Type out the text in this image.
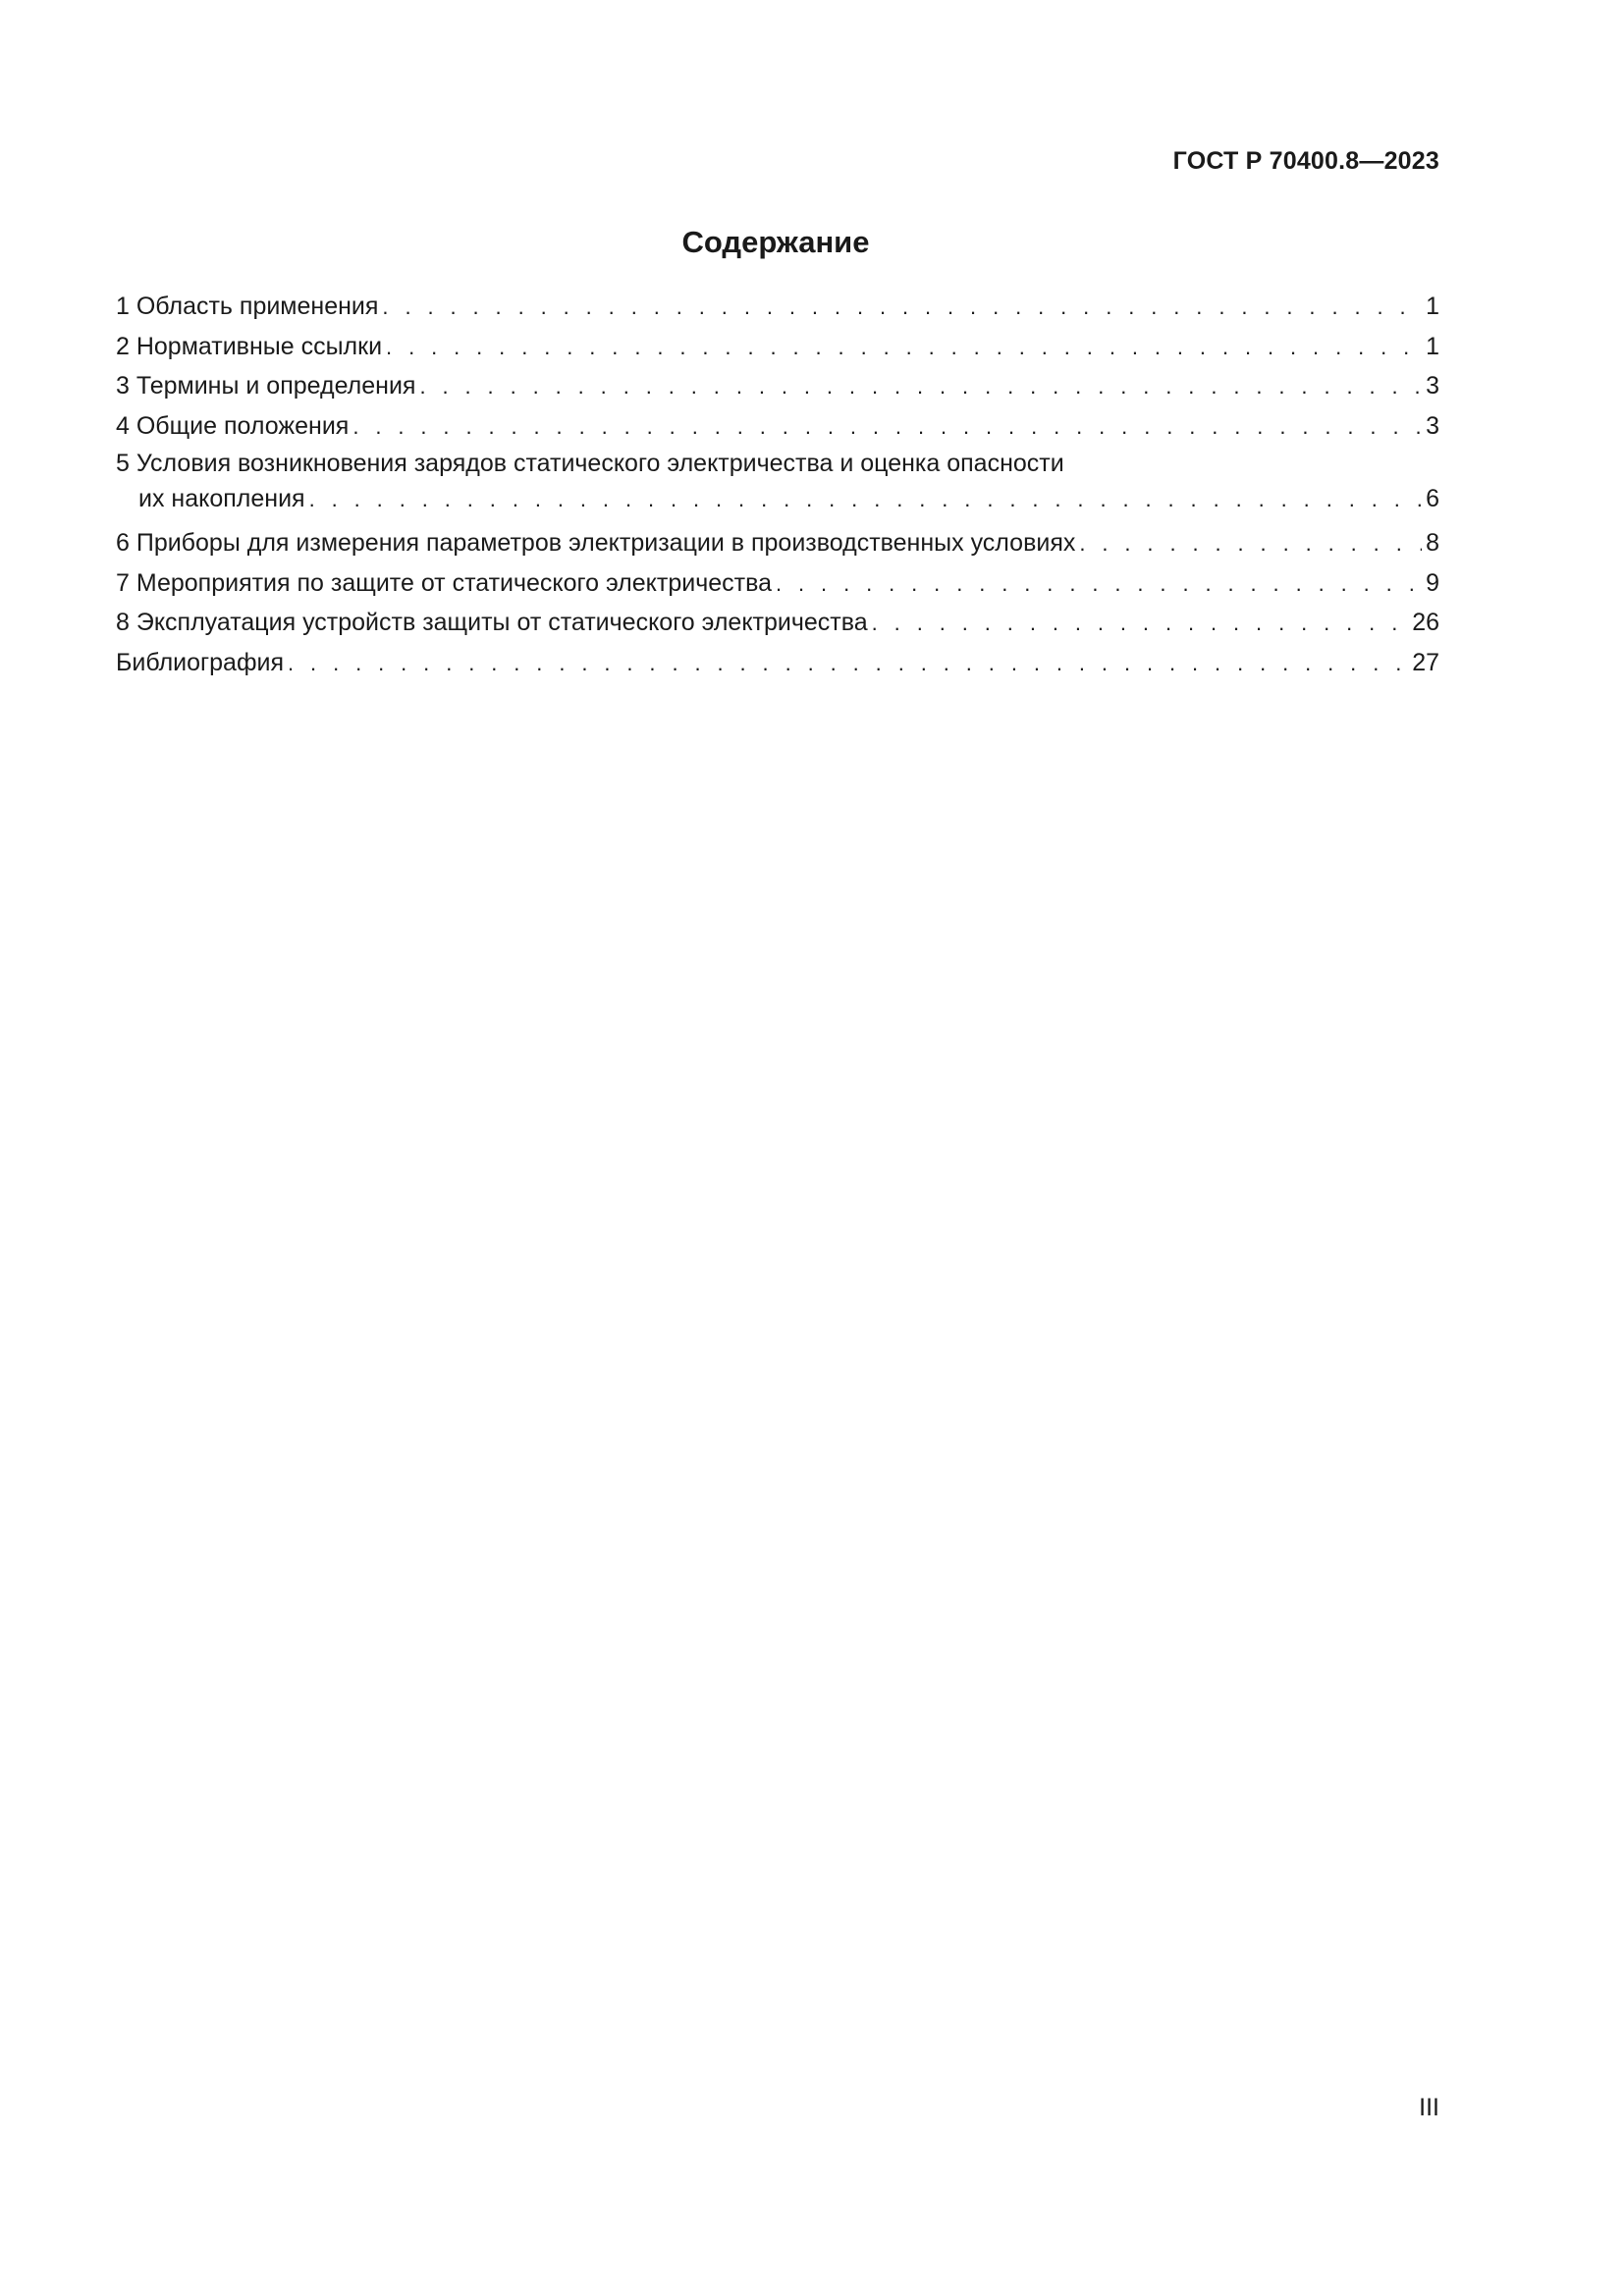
ГОСТ Р 70400.8—2023
Содержание
1 Область применения . . .	1
2 Нормативные ссылки . . .	1
3 Термины и определения . . .	3
4 Общие положения . . .	3
5 Условия возникновения зарядов статического электричества и оценка опасности
их накопления . . .	6
6 Приборы для измерения параметров электризации в производственных условиях . . .	8
7 Мероприятия по защите от статического электричества . . .	9
8 Эксплуатация устройств защиты от статического электричества . . .	26
Библиография . . .	27
III
